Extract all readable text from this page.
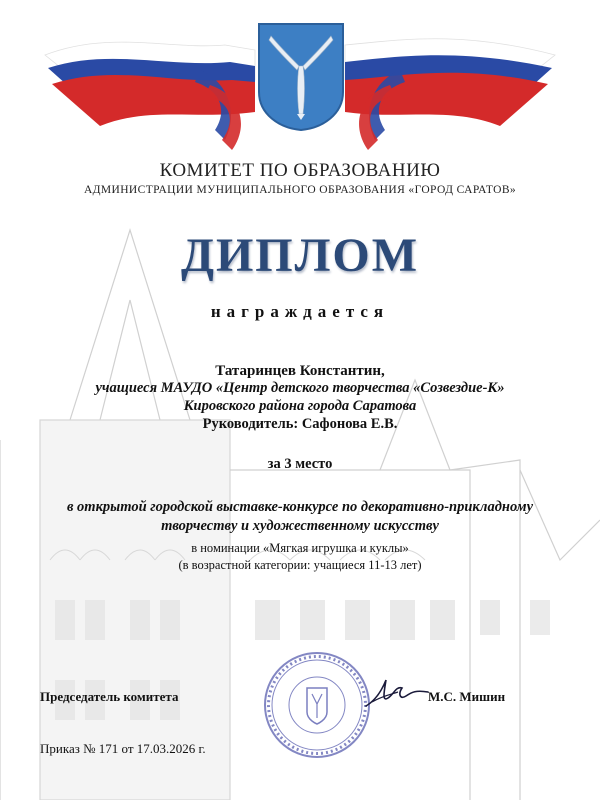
КОМИТЕТ ПО ОБРАЗОВАНИЮ
АДМИНИСТРАЦИИ МУНИЦИПАЛЬНОГО ОБРАЗОВАНИЯ «ГОРОД САРАТОВ»
ДИПЛОМ
награждается
Татаринцев Константин,
учащиеся МАУДО «Центр детского творчества «Созвездие-К»
Кировского района города Саратова
Руководитель: Сафонова Е.В.
за 3 место
в открытой городской выставке-конкурсе по декоративно-прикладному
творчеству и художественному искусству
в номинации «Мягкая игрушка и куклы»
(в возрастной категории: учащиеся 11-13 лет)
Председатель комитета	М.С. Мишин
Приказ № 171 от 17.03.2026 г.
